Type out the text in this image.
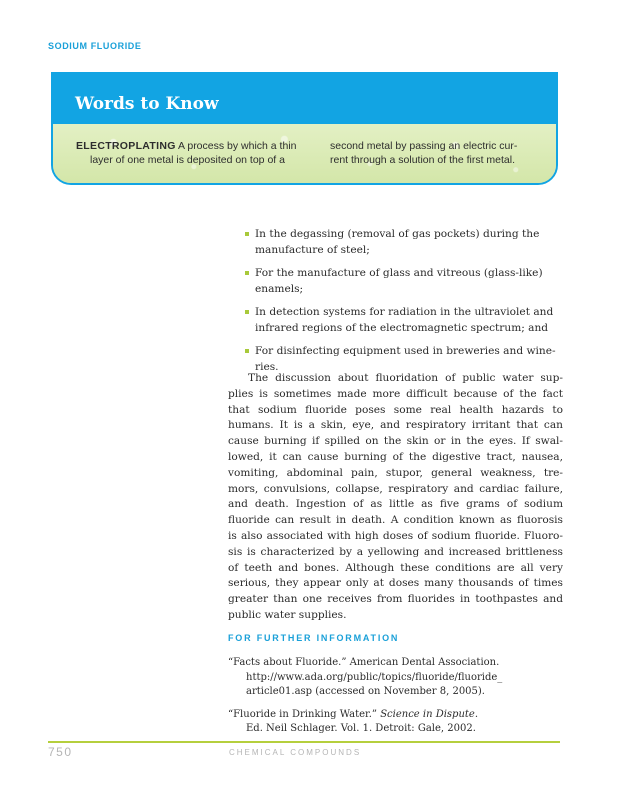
SODIUM FLUORIDE
Words to Know
ELECTROPLATING A process by which a thin
layer of one metal is deposited on top of a
second metal by passing an electric cur-
rent through a solution of the first metal.
In the degassing (removal of gas pockets) during the
manufacture of steel;
For the manufacture of glass and vitreous (glass-like)
enamels;
In detection systems for radiation in the ultraviolet and
infrared regions of the electromagnetic spectrum; and
For disinfecting equipment used in breweries and wine-
ries.
The discussion about fluoridation of public water sup-
plies is sometimes made more difficult because of the fact
that sodium fluoride poses some real health hazards to
humans. It is a skin, eye, and respiratory irritant that can
cause burning if spilled on the skin or in the eyes. If swal-
lowed, it can cause burning of the digestive tract, nausea,
vomiting, abdominal pain, stupor, general weakness, tre-
mors, convulsions, collapse, respiratory and cardiac failure,
and death. Ingestion of as little as five grams of sodium
fluoride can result in death. A condition known as fluorosis
is also associated with high doses of sodium fluoride. Fluoro-
sis is characterized by a yellowing and increased brittleness
of teeth and bones. Although these conditions are all very
serious, they appear only at doses many thousands of times
greater than one receives from fluorides in toothpastes and
public water supplies.
FOR FURTHER INFORMATION
“Facts about Fluoride.” American Dental Association.
http://www.ada.org/public/topics/fluoride/fluoride_
article01.asp (accessed on November 8, 2005).
“Fluoride in Drinking Water.” Science in Dispute.
Ed. Neil Schlager. Vol. 1. Detroit: Gale, 2002.
750	CHEMICAL COMPOUNDS
